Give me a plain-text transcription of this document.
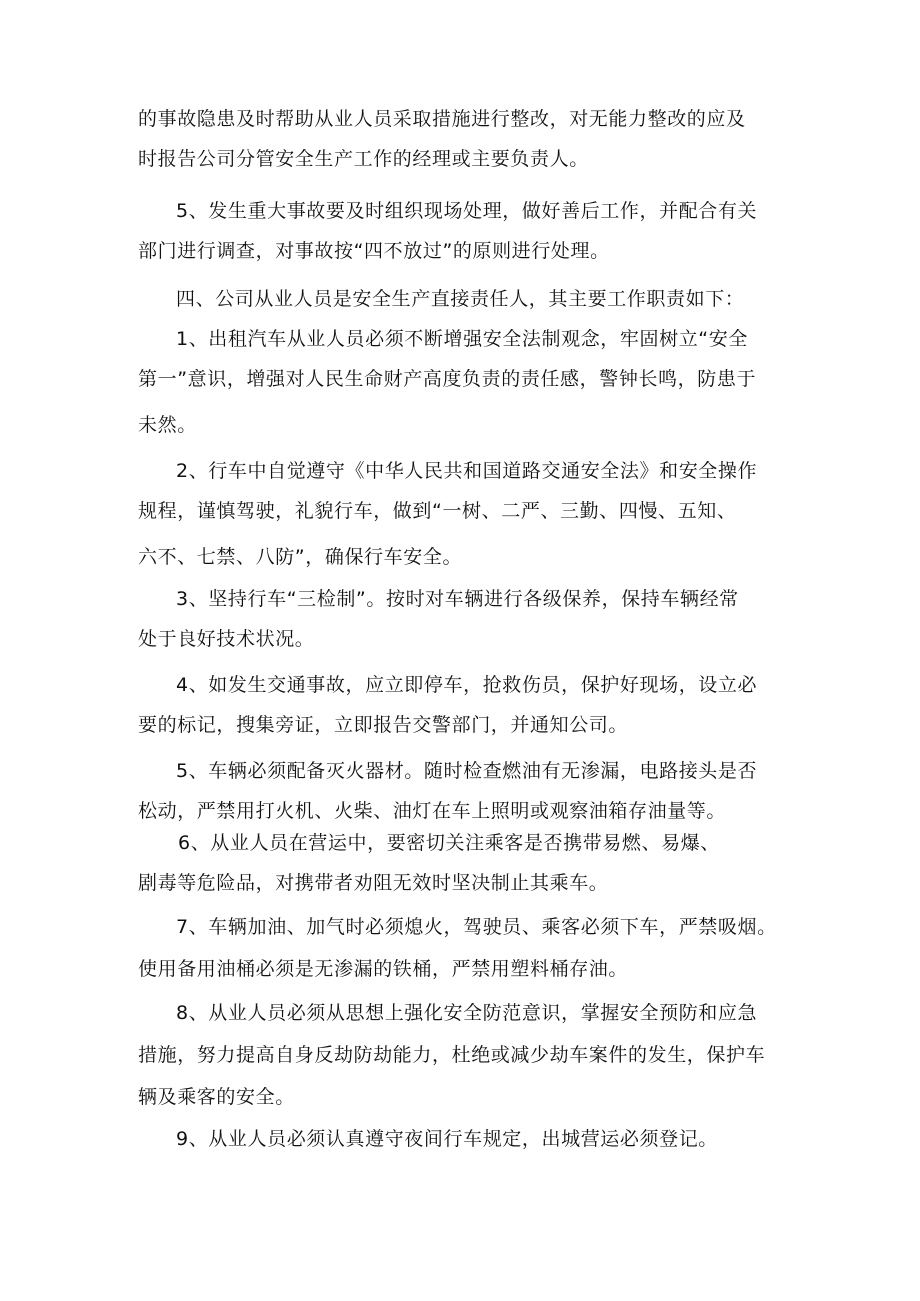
的事故隐患及时帮助从业人员采取措施进行整改，对无能力整改的应及
时报告公司分管安全生产工作的经理或主要负责人。
5、发生重大事故要及时组织现场处理，做好善后工作，并配合有关
部门进行调查，对事故按“四不放过”的原则进行处理。
四、公司从业人员是安全生产直接责任人，其主要工作职责如下：
1、出租汽车从业人员必须不断增强安全法制观念，牢固树立“安全
第一”意识，增强对人民生命财产高度负责的责任感，警钟长鸣，防患于
未然。
2、行车中自觉遵守《中华人民共和国道路交通安全法》和安全操作
规程，谨慎驾驶，礼貌行车，做到“一树、二严、三勤、四慢、五知、
六不、七禁、八防”，确保行车安全。
3、坚持行车“三检制”。按时对车辆进行各级保养，保持车辆经常
处于良好技术状况。
4、如发生交通事故，应立即停车，抢救伤员，保护好现场，设立必
要的标记，搜集旁证，立即报告交警部门，并通知公司。
5、车辆必须配备灭火器材。随时检查燃油有无渗漏，电路接头是否
松动，严禁用打火机、火柴、油灯在车上照明或观察油箱存油量等。
6、从业人员在营运中，要密切关注乘客是否携带易燃、易爆、
剧毒等危险品，对携带者劝阻无效时坚决制止其乘车。
7、车辆加油、加气时必须熄火，驾驶员、乘客必须下车，严禁吸烟。
使用备用油桶必须是无渗漏的铁桶，严禁用塑料桶存油。
8、从业人员必须从思想上强化安全防范意识，掌握安全预防和应急
措施，努力提高自身反劫防劫能力，杜绝或减少劫车案件的发生，保护车
辆及乘客的安全。
9、从业人员必须认真遵守夜间行车规定，出城营运必须登记。
